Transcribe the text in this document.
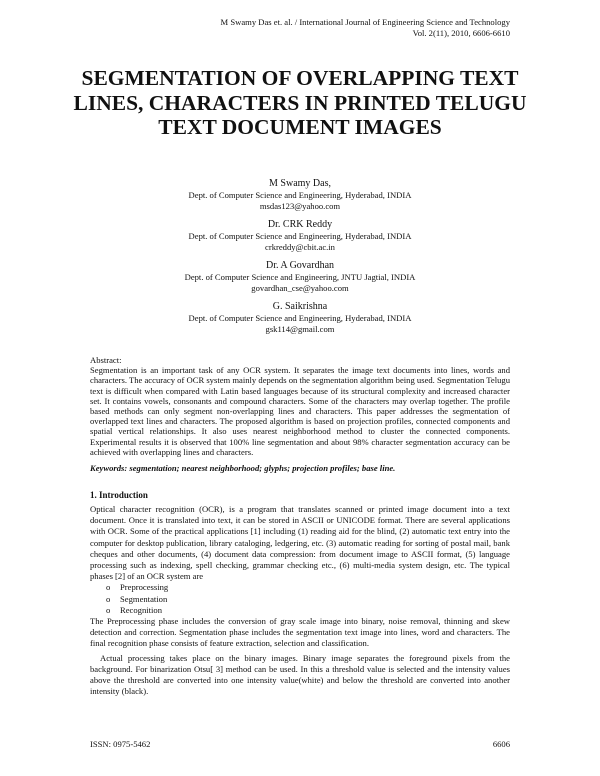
M Swamy Das et. al. / International Journal of Engineering Science and Technology
Vol. 2(11), 2010, 6606-6610
SEGMENTATION OF OVERLAPPING TEXT LINES, CHARACTERS IN PRINTED TELUGU TEXT DOCUMENT IMAGES
M Swamy Das,
Dept. of Computer Science and Engineering, Hyderabad, INDIA
msdas123@yahoo.com
Dr. CRK Reddy
Dept. of Computer Science and Engineering, Hyderabad, INDIA
crkreddy@cbit.ac.in
Dr. A Govardhan
Dept. of Computer Science and Engineering, JNTU Jagtial, INDIA
govardhan_cse@yahoo.com
G. Saikrishna
Dept. of Computer Science and Engineering, Hyderabad, INDIA
gsk114@gmail.com

Abstract:

Segmentation is an important task of any OCR system. It separates the image text documents into lines, words and characters. The accuracy of OCR system mainly depends on the segmentation algorithm being used. Segmentation Telugu text is difficult when compared with Latin based languages because of its structural complexity and increased character set. It contains vowels, consonants and compound characters. Some of the characters may overlap together. The profile based methods can only segment non-overlapping lines and characters. This paper addresses the segmentation of overlapped text lines and characters. The proposed algorithm is based on projection profiles, connected components and spatial vertical relationships. It also uses nearest neighborhood method to cluster the connected components. Experimental results it is observed that 100% line segmentation and about 98% character segmentation accuracy can be achieved with overlapping lines and characters.

Keywords: segmentation; nearest neighborhood; glyphs; projection profiles; base line.

1. Introduction

Optical character recognition (OCR), is a program that translates scanned or printed image document into a text document. Once it is translated into text, it can be stored in ASCII or UNICODE format. There are several applications with OCR. Some of the practical applications [1] including (1) reading aid for the blind, (2) automatic text entry into the computer for desktop publication, library cataloging, ledgering, etc. (3) automatic reading for sorting of postal mail, bank cheques and other documents, (4) document data compression: from document image to ASCII format, (5) language processing such as indexing, spell checking, grammar checking etc., (6) multi-media system design, etc. The typical phases [2] of an OCR system are

o Preprocessing
o Segmentation
o Recognition

The Preprocessing phase includes the conversion of gray scale image into binary, noise removal, thinning and skew detection and correction. Segmentation phase includes the segmentation text image into lines, word and characters. The final recognition phase consists of feature extraction, selection and classification.

Actual processing takes place on the binary images. Binary image separates the foreground pixels from the background. For binarization Otsu[ 3] method can be used. In this a threshold value is selected and the intensity values above the threshold are converted into one intensity value(white) and below the threshold are converted into another intensity (black).

ISSN: 0975-5462	6606
